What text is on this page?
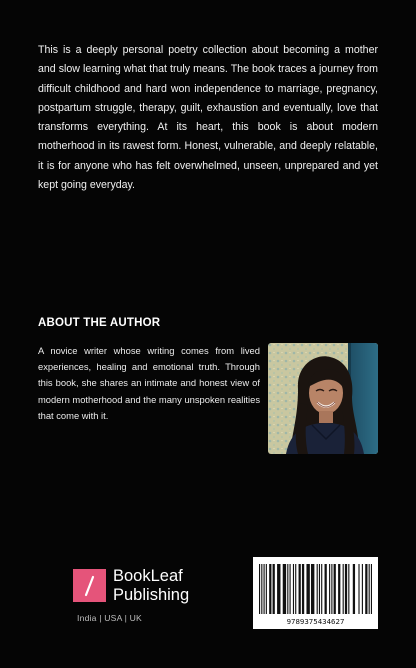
This is a deeply personal poetry collection about becoming a mother and slow learning what that truly means. The book traces a journey from difficult childhood and hard won independence to marriage, pregnancy, postpartum struggle, therapy, guilt, exhaustion and eventually, love that transforms everything. At its heart, this book is about modern motherhood in its rawest form. Honest, vulnerable, and deeply relatable, it is for anyone who has felt overwhelmed, unseen, unprepared and yet kept going everyday.

ABOUT THE AUTHOR

A novice writer whose writing comes from lived experiences, healing and emotional truth. Through this book, she shares an intimate and honest view of modern motherhood and the many unspoken realities that come with it.

BookLeaf
Publishing
India | USA | UK	9789375434627
